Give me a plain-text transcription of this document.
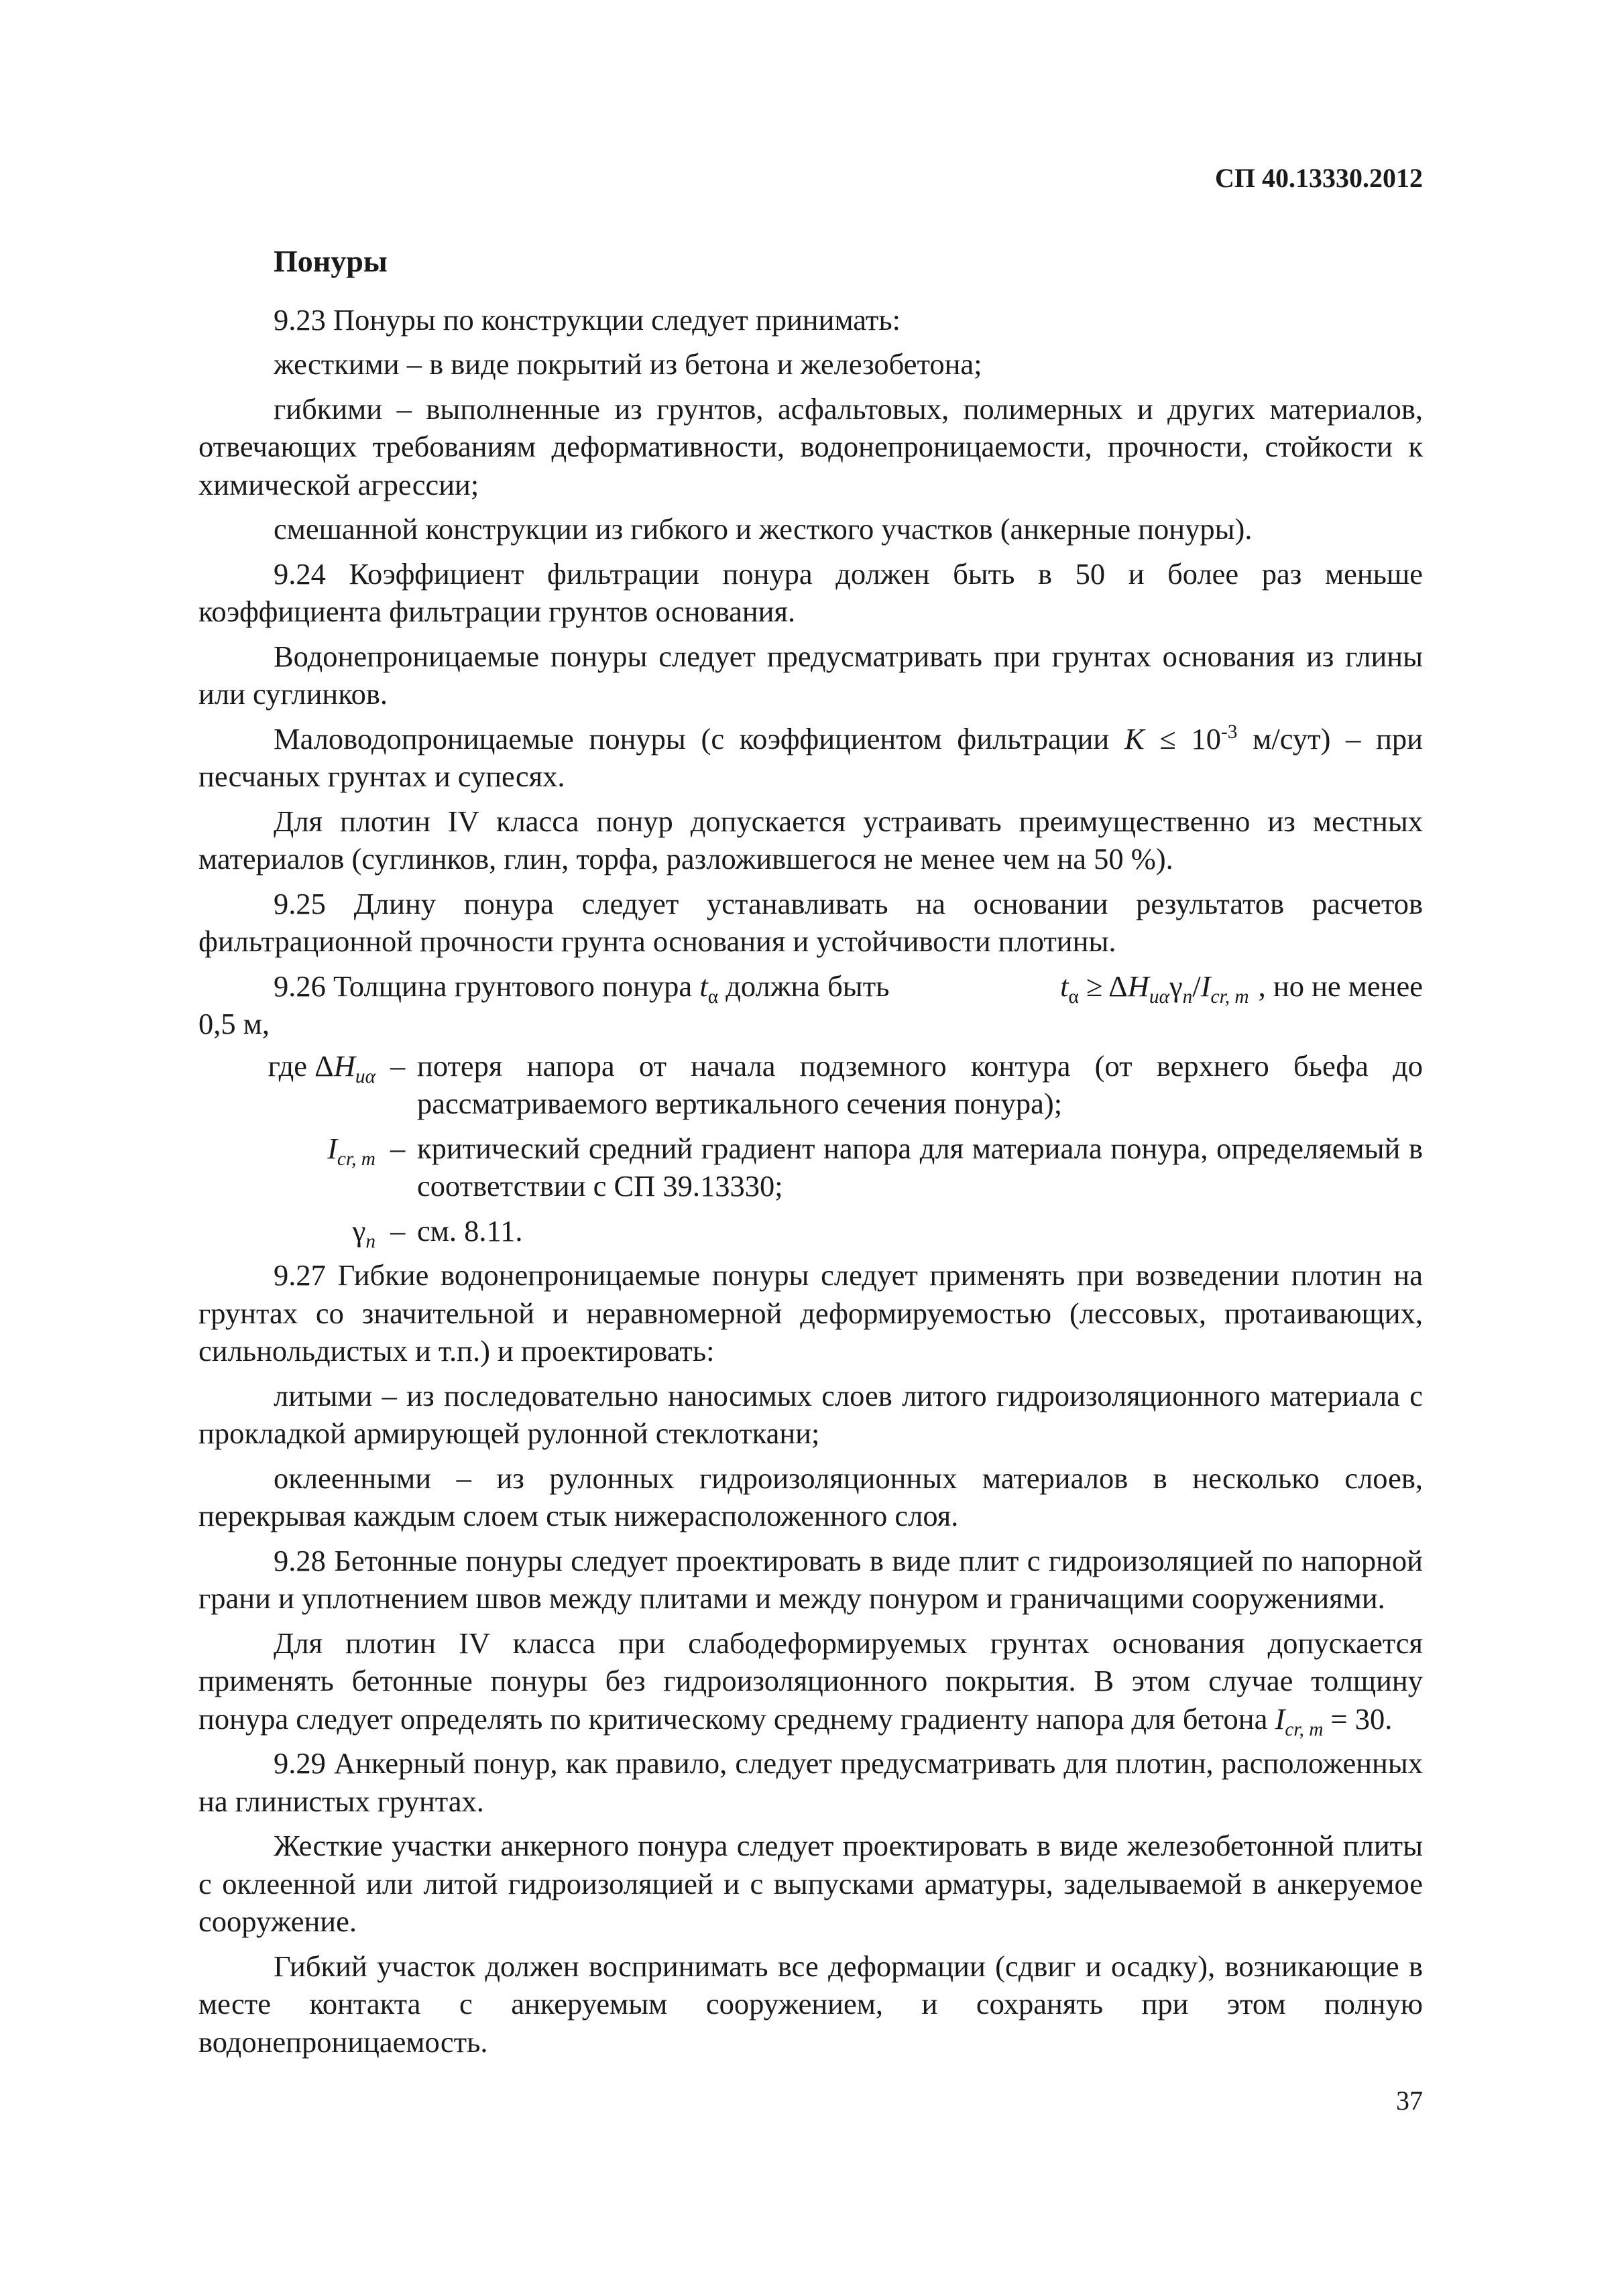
СП 40.13330.2012

Понуры

9.23 Понуры по конструкции следует принимать:

жесткими – в виде покрытий из бетона и железобетона;

гибкими – выполненные из грунтов, асфальтовых, полимерных и других материалов, отвечающих требованиям деформативности, водонепроницаемости, прочности, стойкости к химической агрессии;

смешанной конструкции из гибкого и жесткого участков (анкерные понуры).

9.24 Коэффициент фильтрации понура должен быть в 50 и более раз меньше коэффициента фильтрации грунтов основания.

Водонепроницаемые понуры следует предусматривать при грунтах основания из глины или суглинков.

Маловодопроницаемые понуры (с коэффициентом фильтрации $K \le 10^{-3}$ м/сут) – при песчаных грунтах и супесях.

Для плотин IV класса понур допускается устраивать преимущественно из местных материалов (суглинков, глин, торфа, разложившегося не менее чем на 50 %).

9.25 Длину понура следует устанавливать на основании результатов расчетов фильтрационной прочности грунта основания и устойчивости плотины.

9.26 Толщина грунтового понура $t_\alpha$ должна быть	$t_\alpha \ge \Delta H_{u\alpha}\gamma_n/I_{cr, m}$ , но не менее

0,5 м,

где $\Delta H_{u\alpha}$ – потеря напора от начала подземного контура (от верхнего бьефа до рассматриваемого вертикального сечения понура);
$I_{cr, m}$ – критический средний градиент напора для материала понура, определяемый в соответствии с СП 39.13330;
$\gamma_n$ – см. 8.11.

9.27 Гибкие водонепроницаемые понуры следует применять при возведении плотин на грунтах со значительной и неравномерной деформируемостью (лессовых, протаивающих, сильнольдистых и т.п.) и проектировать:

литыми – из последовательно наносимых слоев литого гидроизоляционного материала с прокладкой армирующей рулонной стеклоткани;

оклеенными – из рулонных гидроизоляционных материалов в несколько слоев, перекрывая каждым слоем стык нижерасположенного слоя.

9.28 Бетонные понуры следует проектировать в виде плит с гидроизоляцией по напорной грани и уплотнением швов между плитами и между понуром и граничащими сооружениями.

Для плотин IV класса при слабодеформируемых грунтах основания допускается применять бетонные понуры без гидроизоляционного покрытия. В этом случае толщину понура следует определять по критическому среднему градиенту напора для бетона $I_{cr, m} = 30$.

9.29 Анкерный понур, как правило, следует предусматривать для плотин, расположенных на глинистых грунтах.

Жесткие участки анкерного понура следует проектировать в виде железобетонной плиты с оклеенной или литой гидроизоляцией и с выпусками арматуры, заделываемой в анкеруемое сооружение.

Гибкий участок должен воспринимать все деформации (сдвиг и осадку), возникающие в месте контакта с анкеруемым сооружением, и сохранять при этом полную водонепроницаемость.

37
